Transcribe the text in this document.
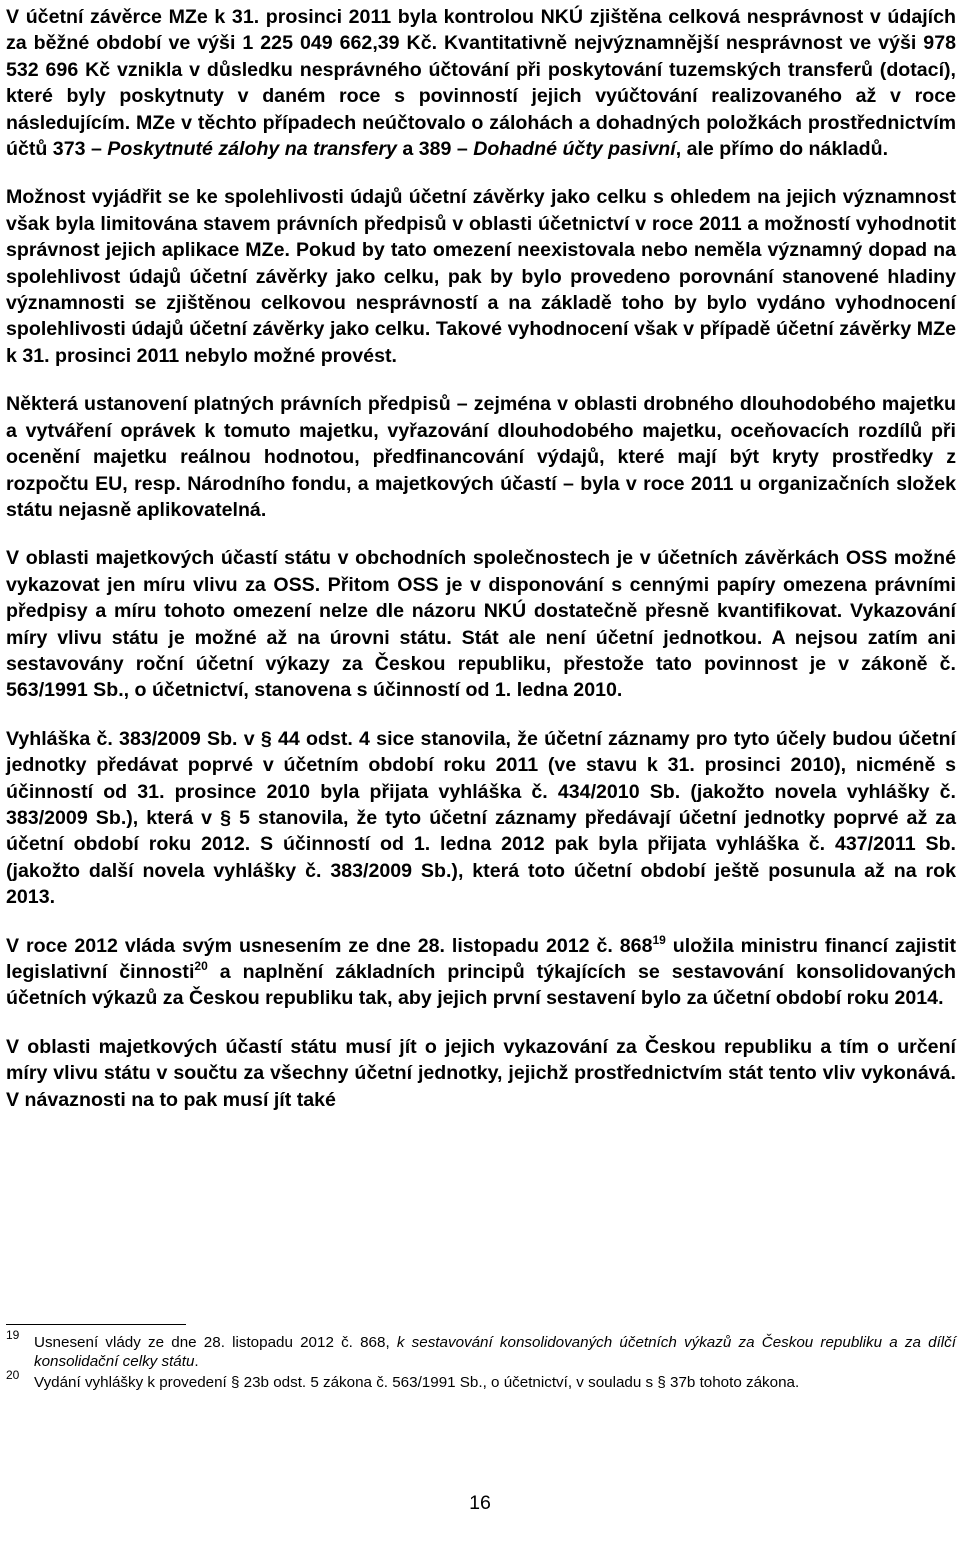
V účetní závěrce MZe k 31. prosinci 2011 byla kontrolou NKÚ zjištěna celková nesprávnost v údajích za běžné období ve výši 1 225 049 662,39 Kč. Kvantitativně nejvýznamnější nesprávnost ve výši 978 532 696 Kč vznikla v důsledku nesprávného účtování při poskytování tuzemských transferů (dotací), které byly poskytnuty v daném roce s povinností jejich vyúčtování realizovaného až v roce následujícím. MZe v těchto případech neúčtovalo o zálohách a dohadných položkách prostřednictvím účtů 373 – Poskytnuté zálohy na transfery a 389 – Dohadné účty pasivní, ale přímo do nákladů.

Možnost vyjádřit se ke spolehlivosti údajů účetní závěrky jako celku s ohledem na jejich významnost však byla limitována stavem právních předpisů v oblasti účetnictví v roce 2011 a možností vyhodnotit správnost jejich aplikace MZe. Pokud by tato omezení neexistovala nebo neměla významný dopad na spolehlivost údajů účetní závěrky jako celku, pak by bylo provedeno porovnání stanovené hladiny významnosti se zjištěnou celkovou nesprávností a na základě toho by bylo vydáno vyhodnocení spolehlivosti údajů účetní závěrky jako celku. Takové vyhodnocení však v případě účetní závěrky MZe k 31. prosinci 2011 nebylo možné provést.

Některá ustanovení platných právních předpisů – zejména v oblasti drobného dlouhodobého majetku a vytváření oprávek k tomuto majetku, vyřazování dlouhodobého majetku, oceňovacích rozdílů při ocenění majetku reálnou hodnotou, předfinancování výdajů, které mají být kryty prostředky z rozpočtu EU, resp. Národního fondu, a majetkových účastí – byla v roce 2011 u organizačních složek státu nejasně aplikovatelná.

V oblasti majetkových účastí státu v obchodních společnostech je v účetních závěrkách OSS možné vykazovat jen míru vlivu za OSS. Přitom OSS je v disponování s cennými papíry omezena právními předpisy a míru tohoto omezení nelze dle názoru NKÚ dostatečně přesně kvantifikovat. Vykazování míry vlivu státu je možné až na úrovni státu. Stát ale není účetní jednotkou. A nejsou zatím ani sestavovány roční účetní výkazy za Českou republiku, přestože tato povinnost je v zákoně č. 563/1991 Sb., o účetnictví, stanovena s účinností od 1. ledna 2010.

Vyhláška č. 383/2009 Sb. v § 44 odst. 4 sice stanovila, že účetní záznamy pro tyto účely budou účetní jednotky předávat poprvé v účetním období roku 2011 (ve stavu k 31. prosinci 2010), nicméně s účinností od 31. prosince 2010 byla přijata vyhláška č. 434/2010 Sb. (jakožto novela vyhlášky č. 383/2009 Sb.), která v § 5 stanovila, že tyto účetní záznamy předávají účetní jednotky poprvé až za účetní období roku 2012. S účinností od 1. ledna 2012 pak byla přijata vyhláška č. 437/2011 Sb. (jakožto další novela vyhlášky č. 383/2009 Sb.), která toto účetní období ještě posunula až na rok 2013.

V roce 2012 vláda svým usnesením ze dne 28. listopadu 2012 č. $868^{19}$ uložila ministru financí zajistit legislativní činnosti$^{20}$ a naplnění základních principů týkajících se sestavování konsolidovaných účetních výkazů za Českou republiku tak, aby jejich první sestavení bylo za účetní období roku 2014.

V oblasti majetkových účastí státu musí jít o jejich vykazování za Českou republiku a tím o určení míry vlivu státu v součtu za všechny účetní jednotky, jejichž prostřednictvím stát tento vliv vykonává. V návaznosti na to pak musí jít také

19 Usnesení vlády ze dne 28. listopadu 2012 č. 868, k sestavování konsolidovaných účetních výkazů za Českou republiku a za dílčí konsolidační celky státu.
20 Vydání vyhlášky k provedení § 23b odst. 5 zákona č. 563/1991 Sb., o účetnictví, v souladu s § 37b tohoto zákona.
16
